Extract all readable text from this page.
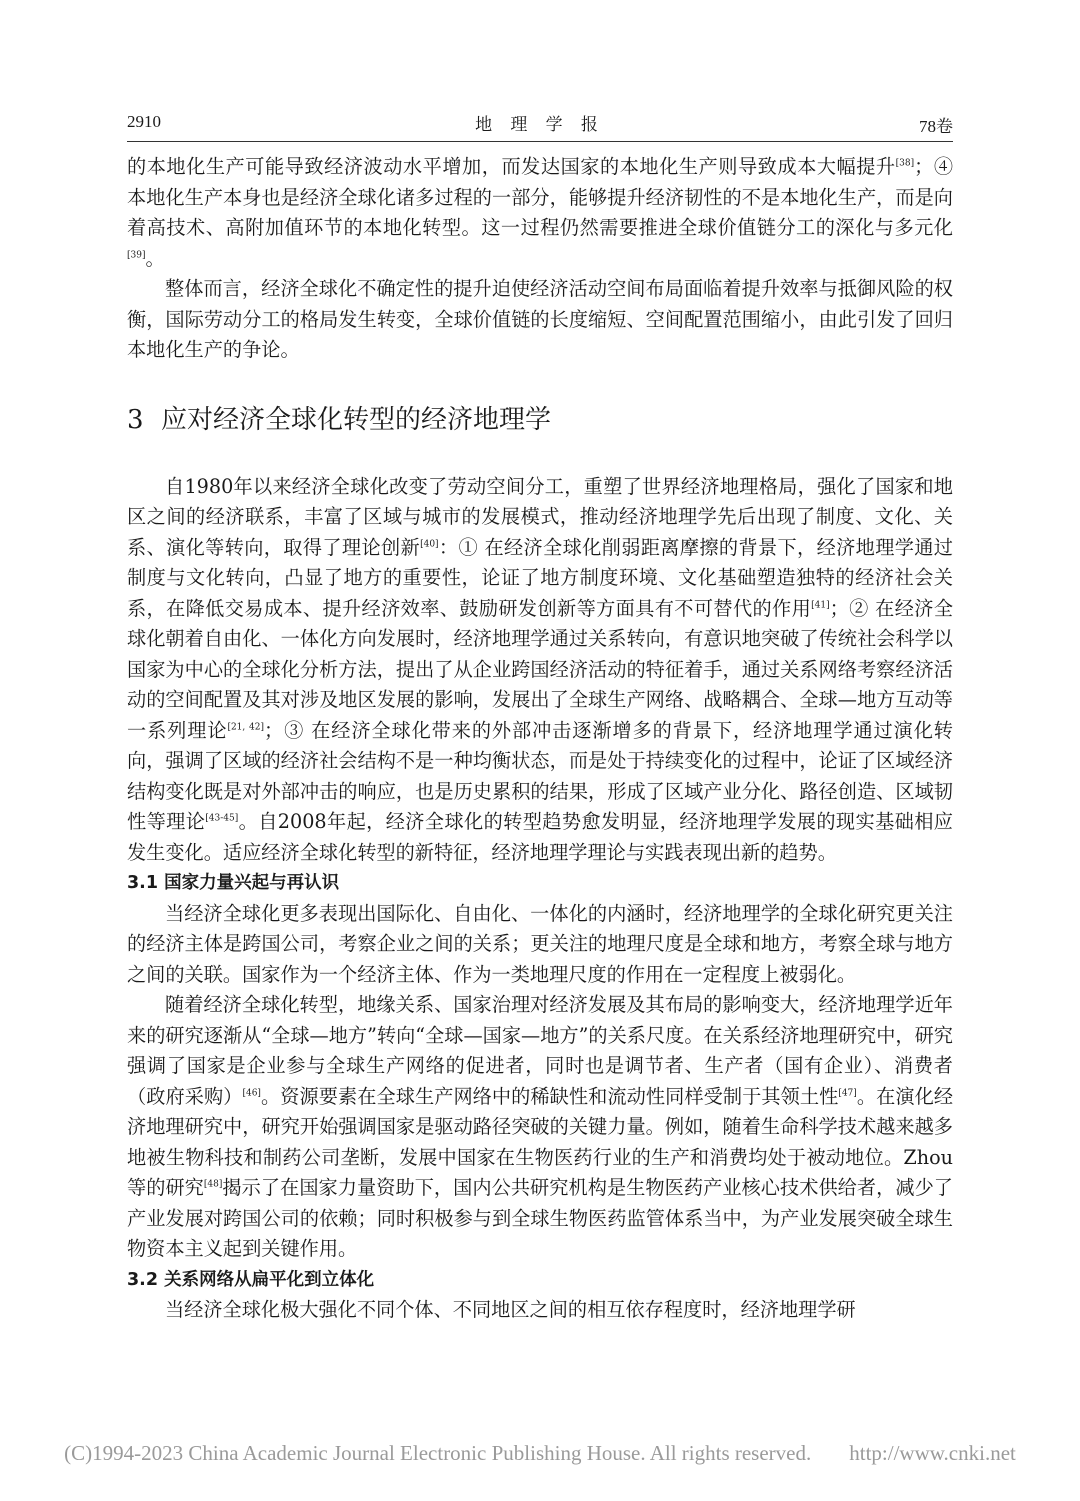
2910	地 理 学 报	78卷

的本地化生产可能导致经济波动水平增加，而发达国家的本地化生产则导致成本大幅提升[38]；④ 本地化生产本身也是经济全球化诸多过程的一部分，能够提升经济韧性的不是本地化生产，而是向着高技术、高附加值环节的本地化转型。这一过程仍然需要推进全球价值链分工的深化与多元化[39]。

整体而言，经济全球化不确定性的提升迫使经济活动空间布局面临着提升效率与抵御风险的权衡，国际劳动分工的格局发生转变，全球价值链的长度缩短、空间配置范围缩小，由此引发了回归本地化生产的争论。

3 应对经济全球化转型的经济地理学

自1980年以来经济全球化改变了劳动空间分工，重塑了世界经济地理格局，强化了国家和地区之间的经济联系，丰富了区域与城市的发展模式，推动经济地理学先后出现了制度、文化、关系、演化等转向，取得了理论创新[40]：① 在经济全球化削弱距离摩擦的背景下，经济地理学通过制度与文化转向，凸显了地方的重要性，论证了地方制度环境、文化基础塑造独特的经济社会关系，在降低交易成本、提升经济效率、鼓励研发创新等方面具有不可替代的作用[41]；② 在经济全球化朝着自由化、一体化方向发展时，经济地理学通过关系转向，有意识地突破了传统社会科学以国家为中心的全球化分析方法，提出了从企业跨国经济活动的特征着手，通过关系网络考察经济活动的空间配置及其对涉及地区发展的影响，发展出了全球生产网络、战略耦合、全球—地方互动等一系列理论[21, 42]；③ 在经济全球化带来的外部冲击逐渐增多的背景下，经济地理学通过演化转向，强调了区域的经济社会结构不是一种均衡状态，而是处于持续变化的过程中，论证了区域经济结构变化既是对外部冲击的响应，也是历史累积的结果，形成了区域产业分化、路径创造、区域韧性等理论[43-45]。自2008年起，经济全球化的转型趋势愈发明显，经济地理学发展的现实基础相应发生变化。适应经济全球化转型的新特征，经济地理学理论与实践表现出新的趋势。

3.1 国家力量兴起与再认识

当经济全球化更多表现出国际化、自由化、一体化的内涵时，经济地理学的全球化研究更关注的经济主体是跨国公司，考察企业之间的关系；更关注的地理尺度是全球和地方，考察全球与地方之间的关联。国家作为一个经济主体、作为一类地理尺度的作用在一定程度上被弱化。

随着经济全球化转型，地缘关系、国家治理对经济发展及其布局的影响变大，经济地理学近年来的研究逐渐从“全球—地方”转向“全球—国家—地方”的关系尺度。在关系经济地理研究中，研究强调了国家是企业参与全球生产网络的促进者，同时也是调节者、生产者（国有企业）、消费者（政府采购）[46]。资源要素在全球生产网络中的稀缺性和流动性同样受制于其领土性[47]。在演化经济地理研究中，研究开始强调国家是驱动路径突破的关键力量。例如，随着生命科学技术越来越多地被生物科技和制药公司垄断，发展中国家在生物医药行业的生产和消费均处于被动地位。Zhou等的研究[48]揭示了在国家力量资助下，国内公共研究机构是生物医药产业核心技术供给者，减少了产业发展对跨国公司的依赖；同时积极参与到全球生物医药监管体系当中，为产业发展突破全球生物资本主义起到关键作用。

3.2 关系网络从扁平化到立体化

当经济全球化极大强化不同个体、不同地区之间的相互依存程度时，经济地理学研

(C)1994-2023 China Academic Journal Electronic Publishing House. All rights reserved. http://www.cnki.net
